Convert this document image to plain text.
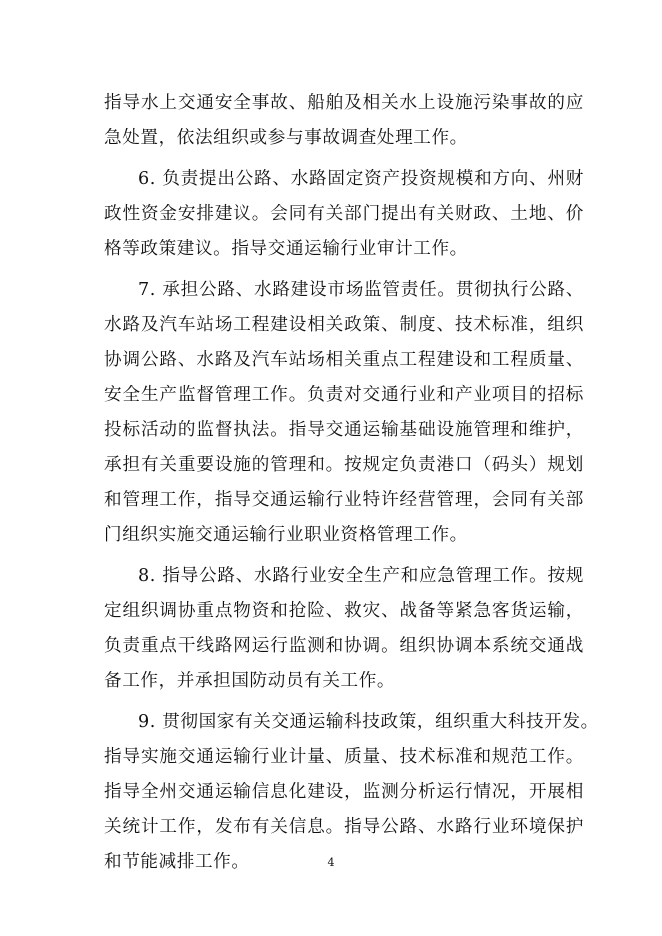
指导水上交通安全事故、船舶及相关水上设施污染事故的应
急处置，依法组织或参与事故调查处理工作。
6. 负责提出公路、水路固定资产投资规模和方向、州财
政性资金安排建议。会同有关部门提出有关财政、土地、价
格等政策建议。指导交通运输行业审计工作。
7. 承担公路、水路建设市场监管责任。贯彻执行公路、
水路及汽车站场工程建设相关政策、制度、技术标准，组织
协调公路、水路及汽车站场相关重点工程建设和工程质量、
安全生产监督管理工作。负责对交通行业和产业项目的招标
投标活动的监督执法。指导交通运输基础设施管理和维护，
承担有关重要设施的管理和。按规定负责港口（码头）规划
和管理工作，指导交通运输行业特许经营管理，会同有关部
门组织实施交通运输行业职业资格管理工作。
8. 指导公路、水路行业安全生产和应急管理工作。按规
定组织调协重点物资和抢险、救灾、战备等紧急客货运输，
负责重点干线路网运行监测和协调。组织协调本系统交通战
备工作，并承担国防动员有关工作。
9. 贯彻国家有关交通运输科技政策，组织重大科技开发。
指导实施交通运输行业计量、质量、技术标准和规范工作。
指导全州交通运输信息化建设，监测分析运行情况，开展相
关统计工作，发布有关信息。指导公路、水路行业环境保护
和节能减排工作。	4
